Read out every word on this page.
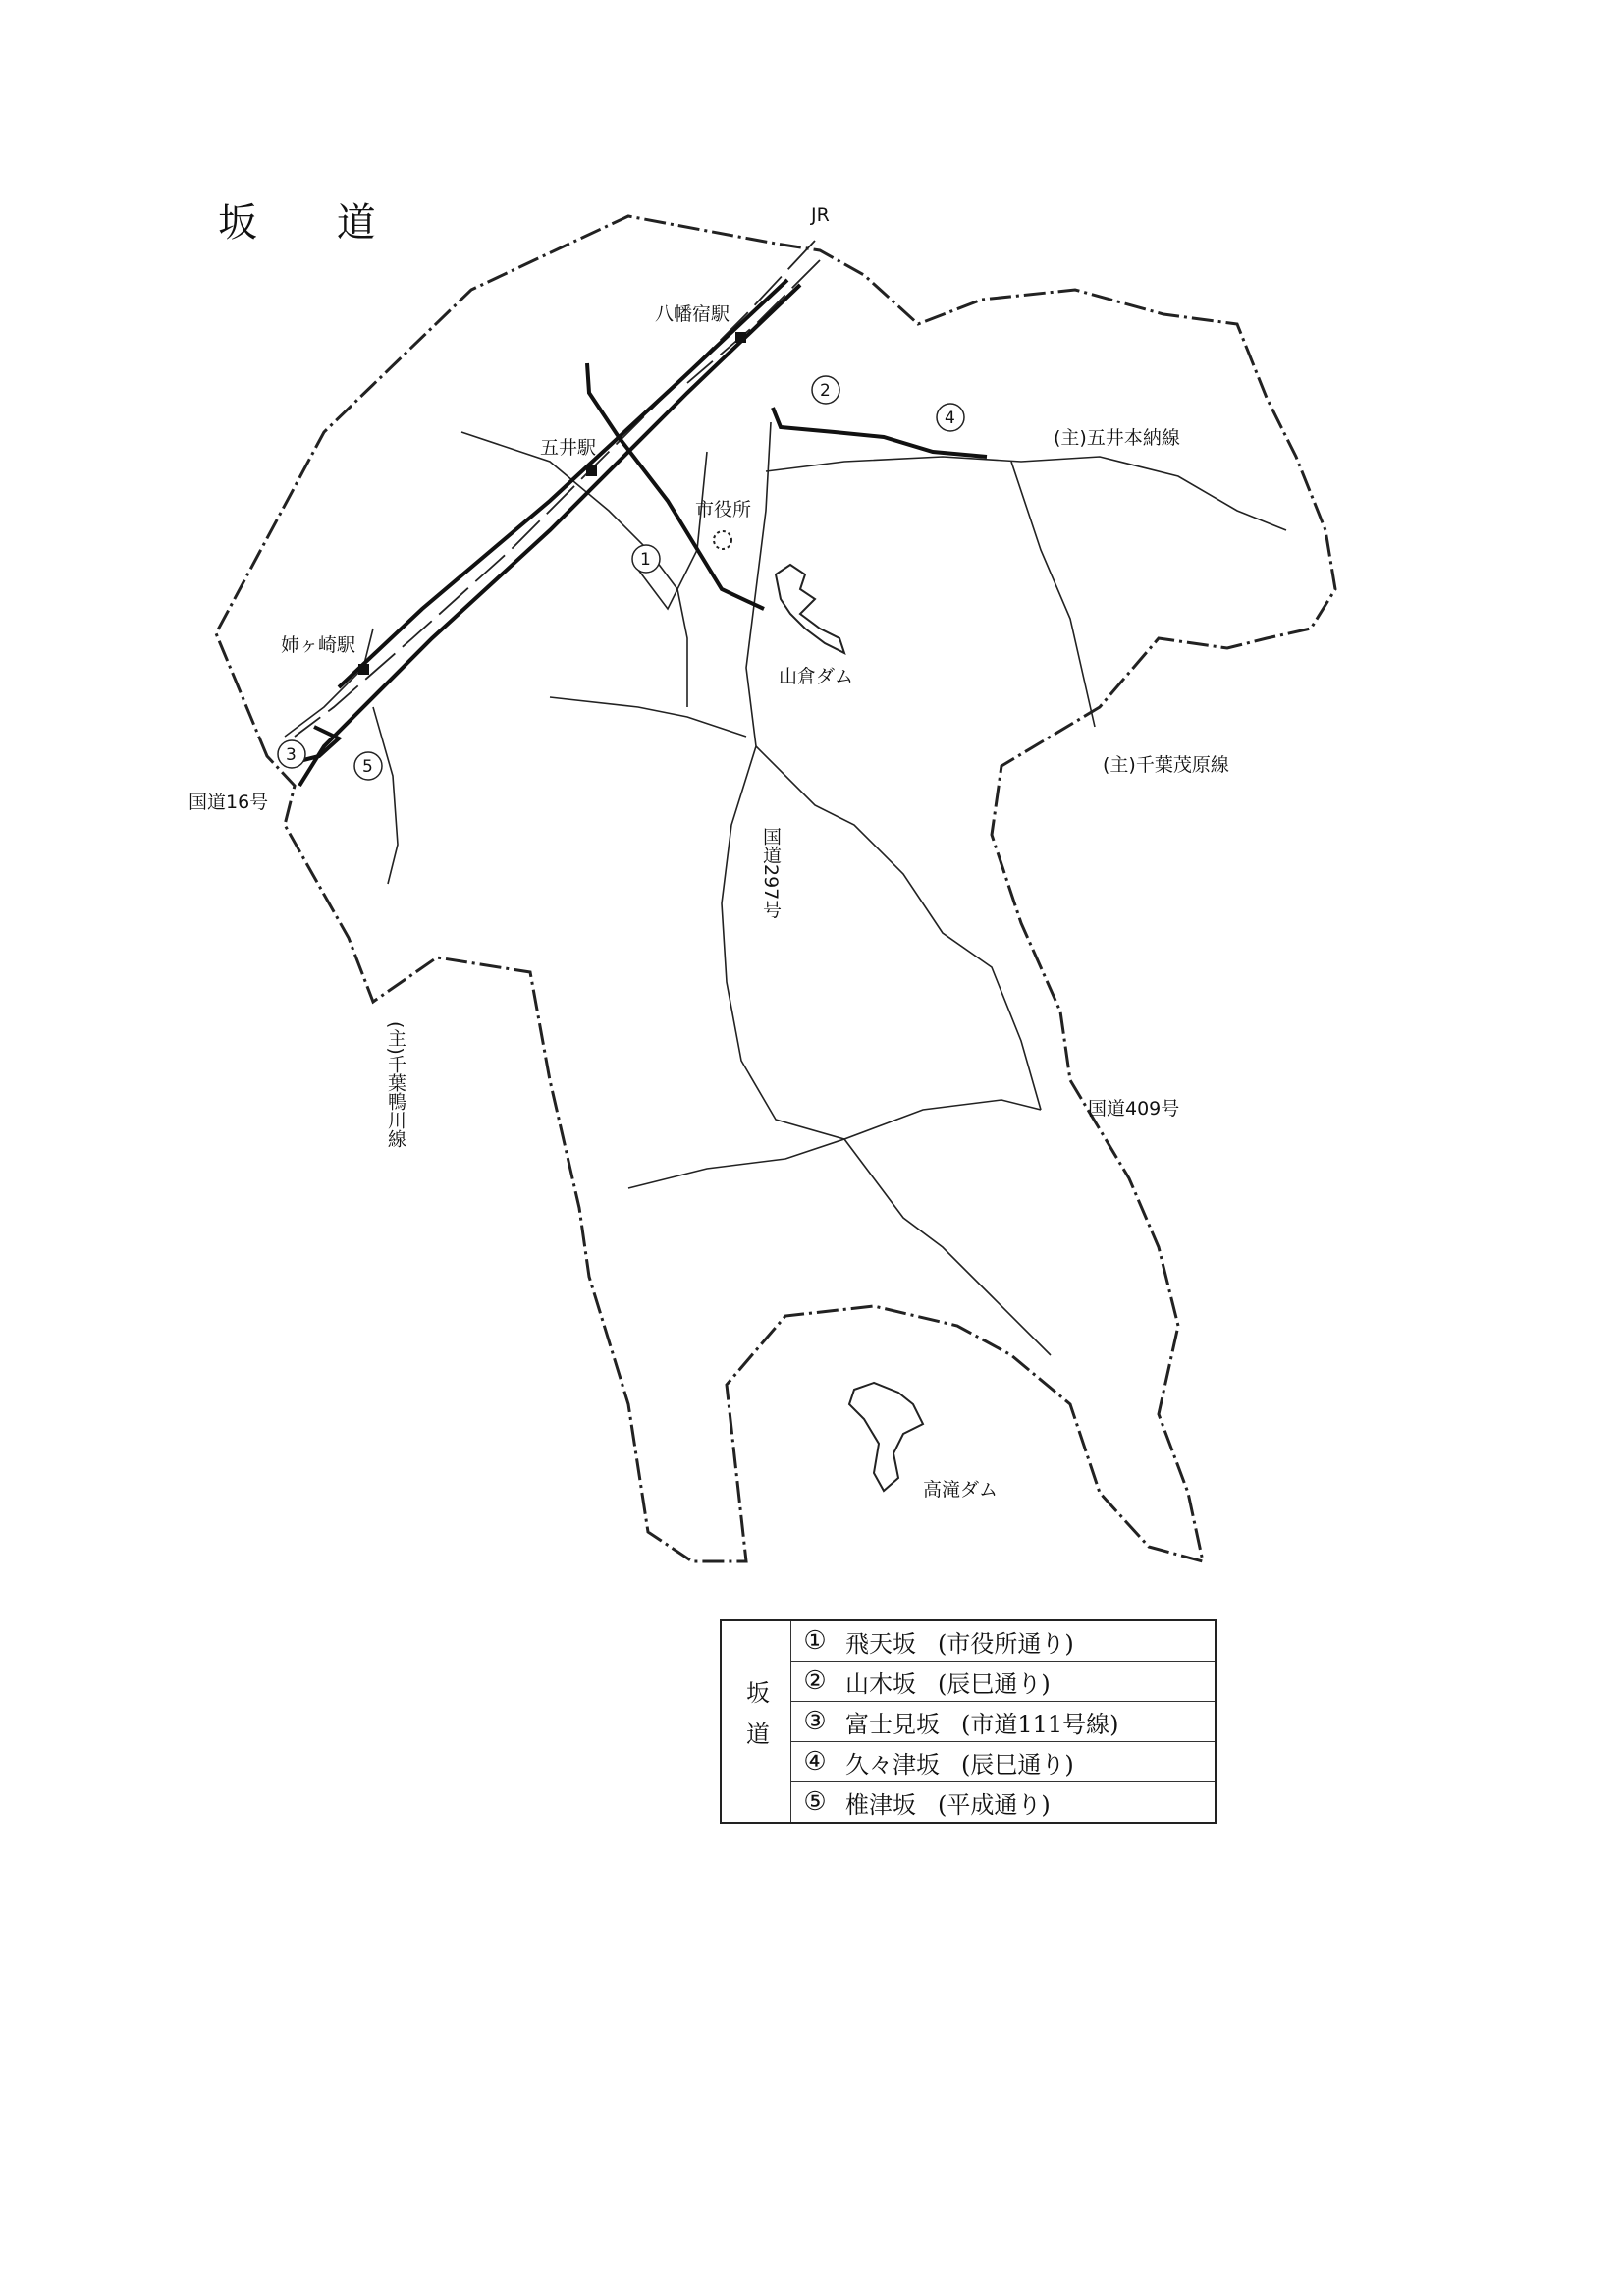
坂 道
1
2
3
4
5
JR
八幡宿駅
五井駅
市役所
姉ヶ崎駅
山倉ダム
高滝ダム
国道16号
国道297号
国道409号
(主)五井本納線
(主)千葉茂原線
(主)千葉鴨川線
坂道	①	飛天坂 (市役所通り)
	②	山木坂 (辰巳通り)
	③	富士見坂 (市道111号線)
	④	久々津坂 (辰巳通り)
	⑤	椎津坂 (平成通り)
